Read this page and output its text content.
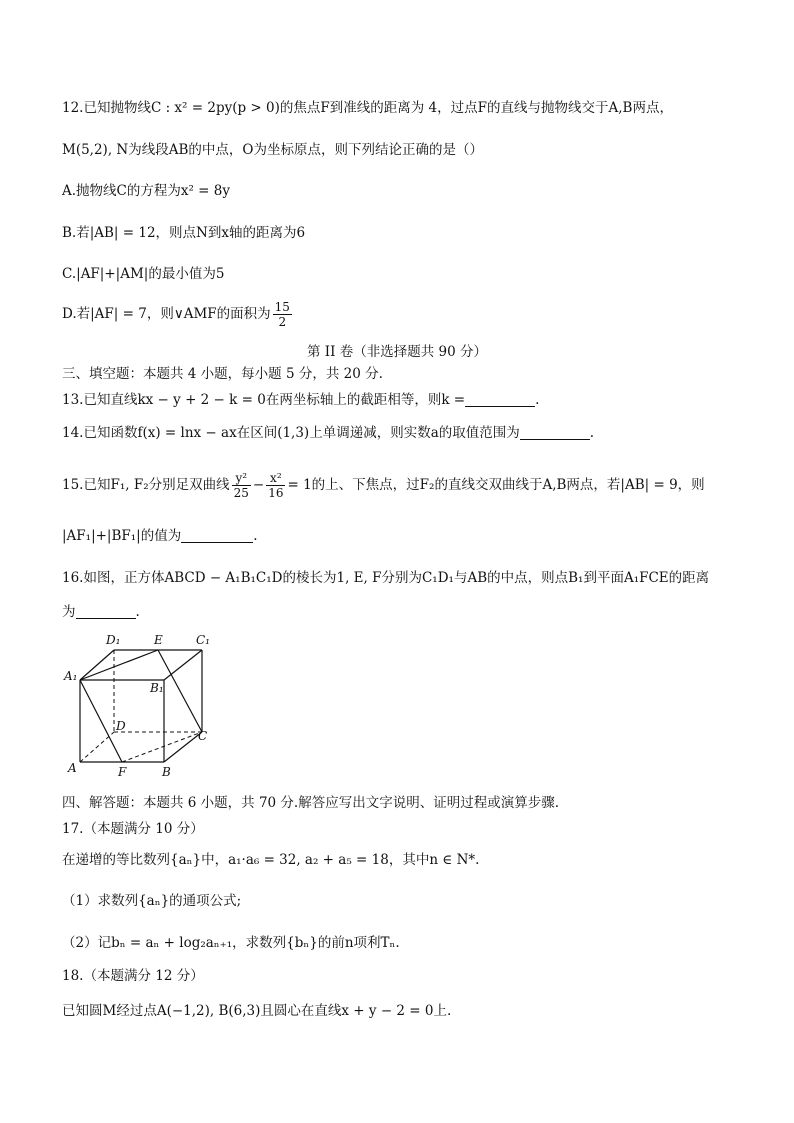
12.已知抛物线C : x² = 2py(p > 0)的焦点F到准线的距离为 4，过点F的直线与抛物线交于A,B两点，
M(5,2), N为线段AB的中点，O为坐标原点，则下列结论正确的是（）
A.抛物线C的方程为x² = 8y
B.若|AB| = 12，则点N到x轴的距离为6
C.|AF|+|AM|的最小值为5
D.若|AF| = 7，则∨AMF的面积为 $\frac{15}{2}$
第 II 卷（非选择题共 90 分）
三、填空题：本题共 4 小题，每小题 5 分，共 20 分.
13.已知直线kx − y + 2 − k = 0在两坐标轴上的截距相等，则k =	.
14.已知函数f(x) = lnx − ax在区间(1,3)上单调递减，则实数a的取值范围为	.
15.已知F₁, F₂分别足双曲线 $\frac{\text{y²}}{25} - \frac{\text{x²}}{16} = 1$的上、下焦点，过F₂的直线交双曲线于A,B两点，若|AB| = 9，则
|AF₁|+|BF₁|的值为	.
16.如图，正方体ABCD − A₁B₁C₁D的棱长为1, E, F分别为C₁D₁与AB的中点，则点B₁到平面A₁FCE的距离
为	.
D₁	E	C₁
A₁
B₁
D
C
A	F	B
四、解答题：本题共 6 小题，共 70 分.解答应写出文字说明、证明过程或演算步骤.
17.（本题满分 10 分）
在递增的等比数列{aₙ}中，a₁·a₆ = 32, a₂ + a₅ = 18，其中n ∈ N*.
（1）求数列{aₙ}的通项公式;
（2）记bₙ = aₙ + log₂aₙ₊₁，求数列{bₙ}的前n项利Tₙ.
18.（本题满分 12 分）
已知圆M经过点A(−1,2), B(6,3)且圆心在直线x + y − 2 = 0上.
